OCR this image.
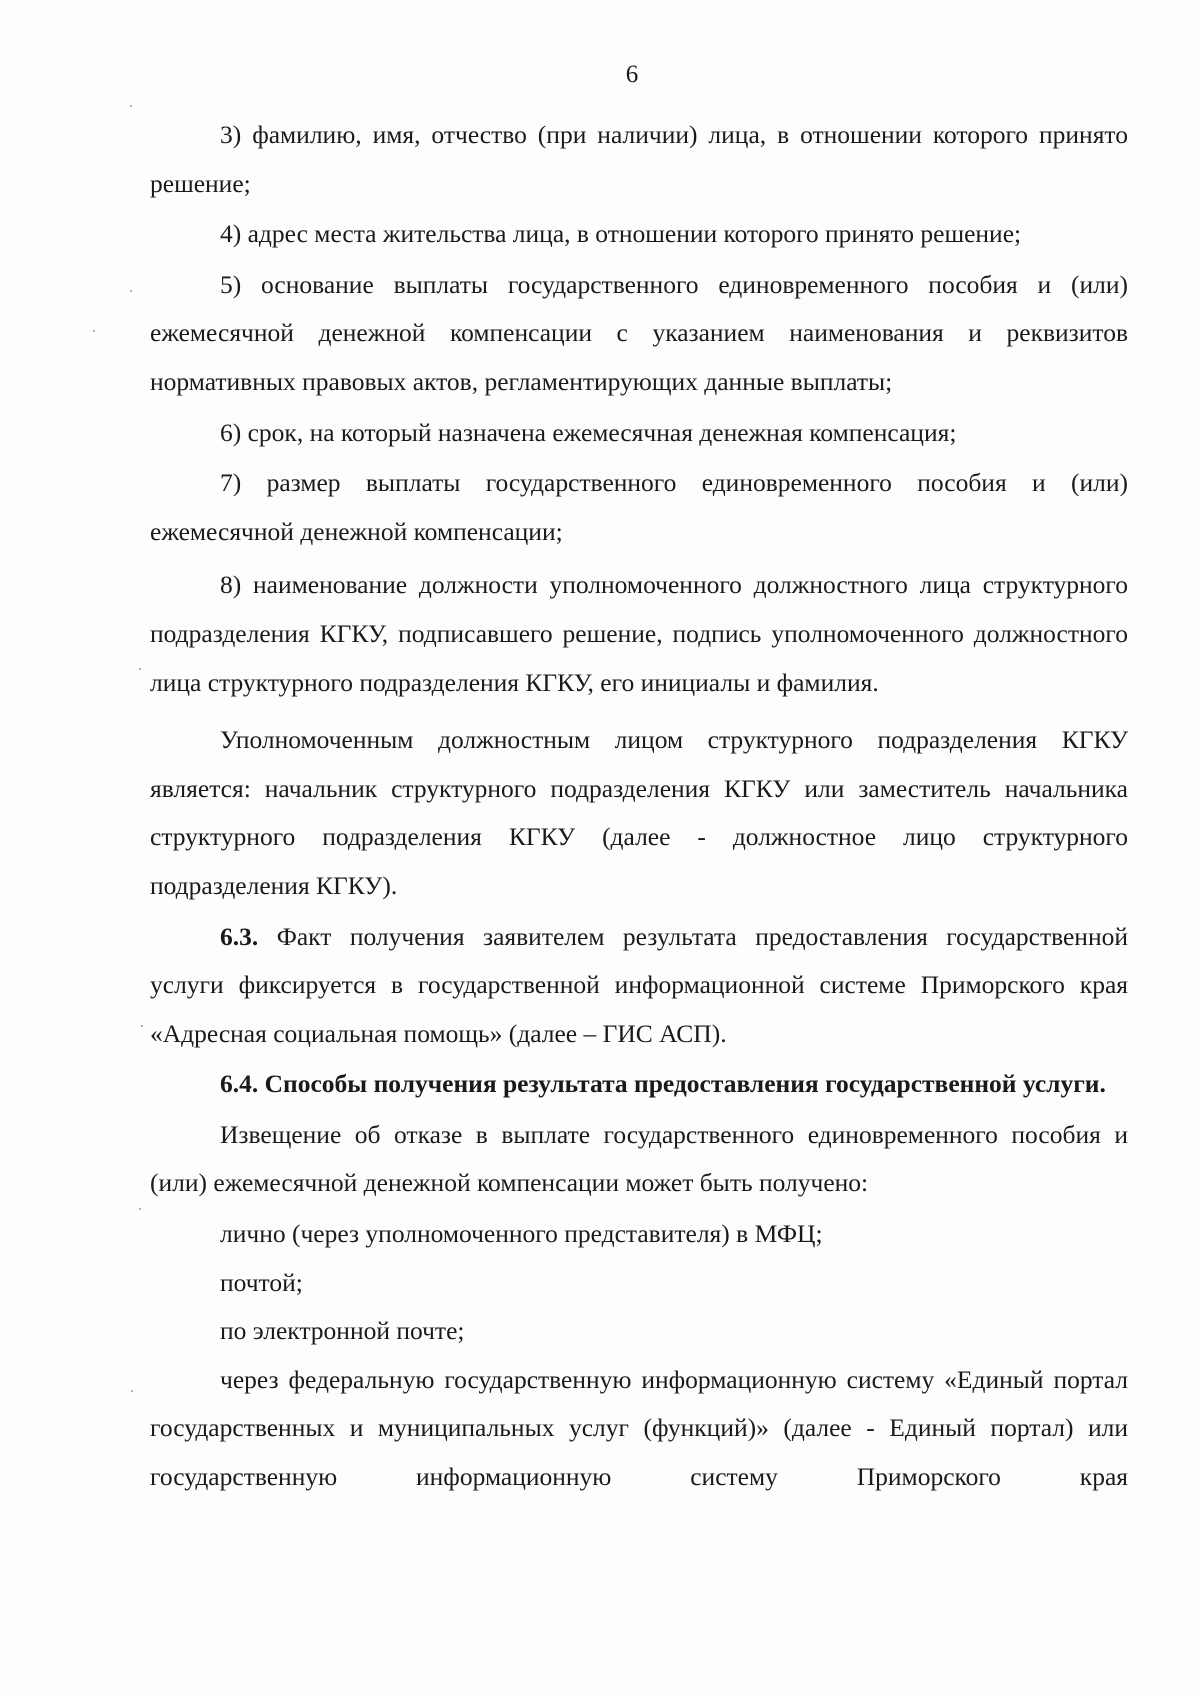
6

3) фамилию, имя, отчество (при наличии) лица, в отношении которого принято решение;

4) адрес места жительства лица, в отношении которого принято решение;

5) основание выплаты государственного единовременного пособия и (или) ежемесячной денежной компенсации с указанием наименования и реквизитов нормативных правовых актов, регламентирующих данные выплаты;

6) срок, на который назначена ежемесячная денежная компенсация;

7) размер выплаты государственного единовременного пособия и (или) ежемесячной денежной компенсации;

8) наименование должности уполномоченного должностного лица структурного подразделения КГКУ, подписавшего решение, подпись уполномоченного должностного лица структурного подразделения КГКУ, его инициалы и фамилия.

Уполномоченным должностным лицом структурного подразделения КГКУ является: начальник структурного подразделения КГКУ или заместитель начальника структурного подразделения КГКУ (далее - должностное лицо структурного подразделения КГКУ).

6.3. Факт получения заявителем результата предоставления государственной услуги фиксируется в государственной информационной системе Приморского края «Адресная социальная помощь» (далее – ГИС АСП).

6.4. Способы получения результата предоставления государственной услуги.

Извещение об отказе в выплате государственного единовременного пособия и (или) ежемесячной денежной компенсации может быть получено:

лично (через уполномоченного представителя) в МФЦ;

почтой;

по электронной почте;

через федеральную государственную информационную систему «Единый портал государственных и муниципальных услуг (функций)» (далее - Единый портал) или государственную информационную систему Приморского края
